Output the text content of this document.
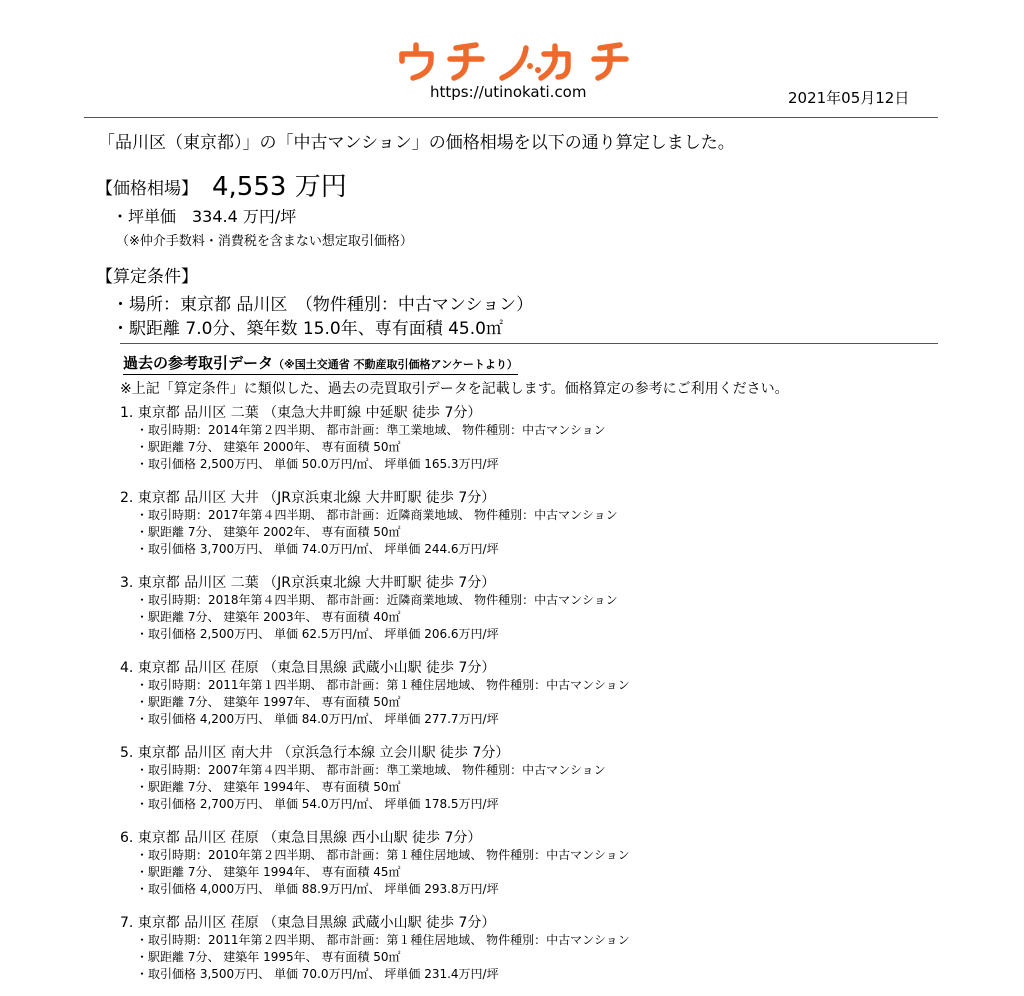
https://utinokati.com	2021年05月12日
「品川区（東京都）」の「中古マンション」の価格相場を以下の通り算定しました。
【価格相場】 4,553 万円
・坪単価　334.4 万円/坪
（※仲介手数料・消費税を含まない想定取引価格）
【算定条件】
・場所：東京都 品川区　（物件種別：中古マンション）
・駅距離 7.0分、築年数 15.0年、専有面積 45.0㎡
過去の参考取引データ（※国土交通省 不動産取引価格アンケートより）
※上記「算定条件」に類似した、過去の売買取引データを記載します。価格算定の参考にご利用ください。
1. 東京都 品川区 二葉 （東急大井町線 中延駅 徒歩 7分）
・取引時期：2014年第２四半期、 都市計画：準工業地域、 物件種別：中古マンション
・駅距離 7分、 建築年 2000年、 専有面積 50㎡
・取引価格 2,500万円、 単価 50.0万円/㎡、 坪単価 165.3万円/坪
2. 東京都 品川区 大井 （JR京浜東北線 大井町駅 徒歩 7分）
・取引時期：2017年第４四半期、 都市計画：近隣商業地域、 物件種別：中古マンション
・駅距離 7分、 建築年 2002年、 専有面積 50㎡
・取引価格 3,700万円、 単価 74.0万円/㎡、 坪単価 244.6万円/坪
3. 東京都 品川区 二葉 （JR京浜東北線 大井町駅 徒歩 7分）
・取引時期：2018年第４四半期、 都市計画：近隣商業地域、 物件種別：中古マンション
・駅距離 7分、 建築年 2003年、 専有面積 40㎡
・取引価格 2,500万円、 単価 62.5万円/㎡、 坪単価 206.6万円/坪
4. 東京都 品川区 荏原 （東急目黒線 武蔵小山駅 徒歩 7分）
・取引時期：2011年第１四半期、 都市計画：第１種住居地域、 物件種別：中古マンション
・駅距離 7分、 建築年 1997年、 専有面積 50㎡
・取引価格 4,200万円、 単価 84.0万円/㎡、 坪単価 277.7万円/坪
5. 東京都 品川区 南大井 （京浜急行本線 立会川駅 徒歩 7分）
・取引時期：2007年第４四半期、 都市計画：準工業地域、 物件種別：中古マンション
・駅距離 7分、 建築年 1994年、 専有面積 50㎡
・取引価格 2,700万円、 単価 54.0万円/㎡、 坪単価 178.5万円/坪
6. 東京都 品川区 荏原 （東急目黒線 西小山駅 徒歩 7分）
・取引時期：2010年第２四半期、 都市計画：第１種住居地域、 物件種別：中古マンション
・駅距離 7分、 建築年 1994年、 専有面積 45㎡
・取引価格 4,000万円、 単価 88.9万円/㎡、 坪単価 293.8万円/坪
7. 東京都 品川区 荏原 （東急目黒線 武蔵小山駅 徒歩 7分）
・取引時期：2011年第２四半期、 都市計画：第１種住居地域、 物件種別：中古マンション
・駅距離 7分、 建築年 1995年、 専有面積 50㎡
・取引価格 3,500万円、 単価 70.0万円/㎡、 坪単価 231.4万円/坪
